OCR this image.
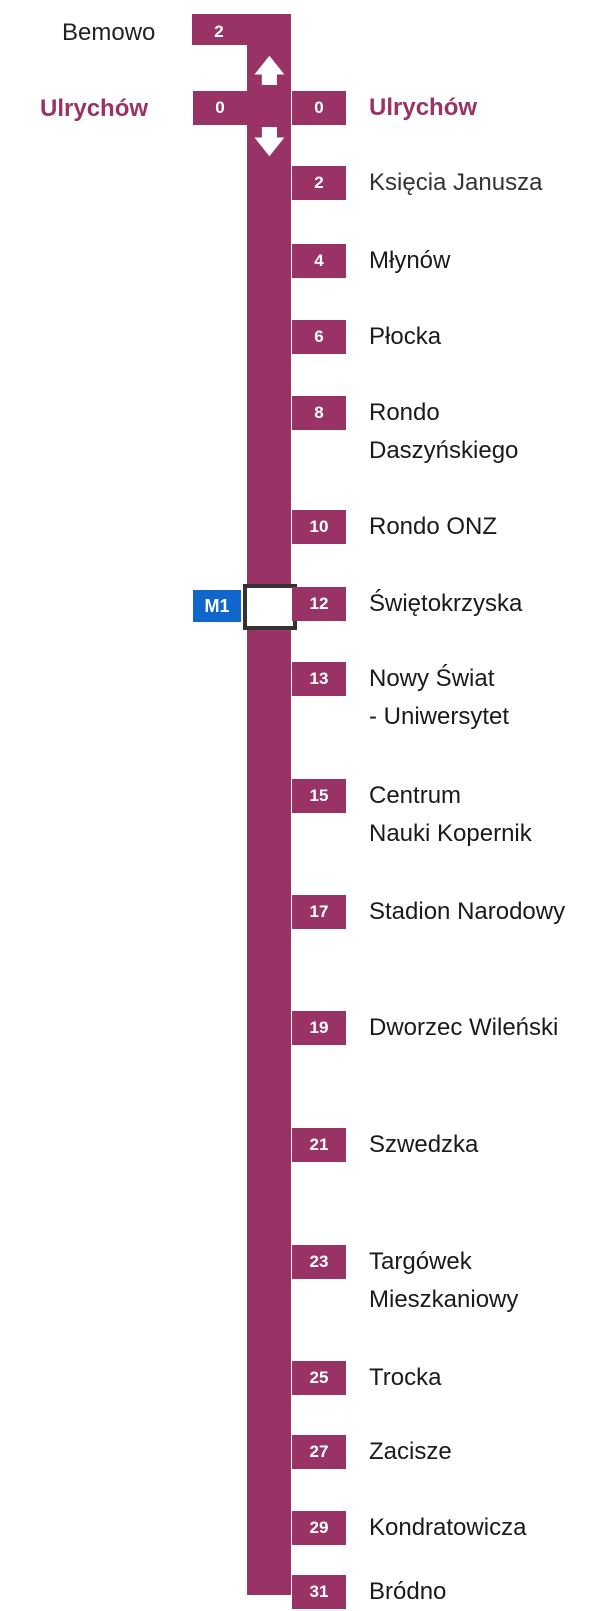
Bemowo	2
Ulrychów	0
🡅
🡇
M1
0	Ulrychów
2	Księcia Janusza
4	Młynów
6	Płocka
8	Rondo
Daszyńskiego
10	Rondo ONZ
12	Świętokrzyska
13	Nowy Świat
- Uniwersytet
15	Centrum
Nauki Kopernik
17	Stadion Narodowy
19	Dworzec Wileński
21	Szwedzka
23	Targówek
Mieszkaniowy
25	Trocka
27	Zacisze
29	Kondratowicza
31	Bródno
